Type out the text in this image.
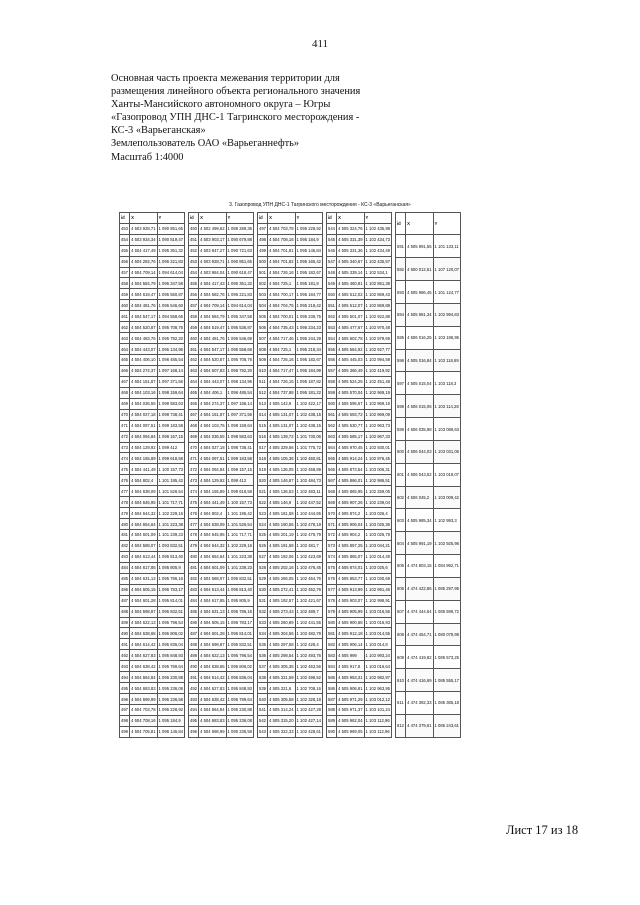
411
Основная часть проекта межевания территории для
размещения линейного объекта регионального значения
Ханты-Мансийского автономного округа – Югры
«Газопровод УПН ДНС-1 Тагринского месторождения -
КС-3 «Варьеганская»
Землепользователь ОАО «Варьеганнефть»
Масштаб 1:4000
3. Газопровод УПН ДНС-1 Тагринского месторождения - КС-3 «Варьеганская»
id	X	Y
453	4 503 928,71	1 090 851,65
454	4 503 934,34	1 090 819,47
455	4 504 417,49	1 095 351,32
456	4 504 282,76	1 095 221,83
457	4 504 709,14	1 094 614,04
458	4 504 584,79	1 095 347,58
459	4 504 619,47	1 095 550,87
460	4 504 481,76	1 095 546,60
461	4 504 547,17	1 094 558,66
462	4 504 520,87	1 095 708,76
463	4 504 483,76	1 095 792,20
464	4 504 443,07	1 095 134,96
465	4 504 406,10	1 096 485,54
466	4 504 274,37	1 097 168,14
467	4 504 151,87	1 097 371,56
468	4 504 103,16	1 098 159,64
469	4 504 036,55	1 098 583,63
470	4 504 027,18	1 098 738,41
471	4 504 097,51	1 099 183,58
472	4 504 094,84	1 099 157,15
473	4 504 129,92	1 099 412
474	4 504 155,89	1 099 618,58
475	4 504 441,49	1 100 157,73
476	4 504 802,4	1 101 195,42
477	4 504 638,09	1 101 526,54
478	4 504 645,95	1 101 717,71
479	4 504 644,32	1 102 229,16
480	4 504 654,64	1 101 223,38
481	4 504 601,09	1 101 239,23
482	4 504 588,07	1 093 832,51
483	4 504 613,44	1 095 813,40
484	4 504 617,85	1 095 805,9
485	4 504 631,13	1 095 786,16
486	4 504 605,15	1 095 783,17
487	4 504 601,28	1 095 814,01
488	4 504 598,87	1 095 832,51
489	4 504 622,13	1 095 796,54
490	4 504 638,65	1 095 806,02
491	4 504 614,42	1 095 836,04
492	4 504 627,83	1 095 848,93
493	4 504 638,42	1 095 789,64
494	4 504 664,84	1 095 230,88
495	4 504 683,83	1 095 236,08
496	4 504 699,99	1 095 236,58
497	4 504 703,78	1 095 228,92
498	4 504 708,16	1 095 184,9
499	4 504 705,81	1 095 145,84
id	X	Y
450	4 502 499,62	1 088 289,35
451	4 503 903,17	1 090 679,88
452	4 503 847,27	1 090 721,63
453	4 503 928,71	1 090 851,65
454	4 503 984,04	1 090 618,47
455	4 504 417,43	1 095 351,32
456	4 504 582,76	1 095 221,83
457	4 504 709,14	1 094 614,04
458	4 504 584,79	1 095 347,58
459	4 504 519,47	1 095 536,87
460	4 504 481,76	1 095 546,69
461	4 504 547,17	1 095 558,66
462	4 504 520,87	1 095 708,76
463	4 504 507,83	1 095 792,20
464	4 504 443,07	1 096 134,96
465	4 504 406,1	1 096 485,54
466	4 504 274,37	1 097 168,14
467	4 504 151,87	1 097 371,56
468	4 504 103,76	1 098 159,64
469	4 504 036,55	1 098 583,63
470	4 504 027,18	1 098 738,41
471	4 504 097,51	1 099 183,58
472	4 504 094,84	1 099 157,15
473	4 504 129,92	1 099 412
474	4 504 155,89	1 099 618,58
475	4 504 441,49	1 100 157,73
476	4 504 802,4	1 101 195,42
477	4 504 638,09	1 101 526,54
478	4 504 645,95	1 101 717,71
479	4 504 644,32	1 102 229,16
480	4 504 654,64	1 101 223,38
481	4 504 601,09	1 101 239,23
482	4 504 588,07	1 095 832,51
483	4 504 613,44	1 095 813,40
484	4 504 617,85	1 095 805,9
485	4 504 631,13	1 095 786,16
486	4 504 605,15	1 095 783,17
487	4 504 601,28	1 095 814,01
488	4 504 598,87	1 095 832,51
489	4 504 622,13	1 095 796,54
490	4 504 638,65	1 095 806,02
491	4 504 614,42	1 095 836,04
492	4 504 627,83	1 095 848,93
493	4 504 638,42	1 095 789,64
494	4 504 664,84	1 095 230,88
495	4 504 683,83	1 095 236,08
496	4 504 698,99	1 095 236,58
id	X	Y
497	4 504 703,78	1 095 228,92
498	4 504 708,16	1 095 184,9
499	4 504 701,81	1 095 145,84
500	4 504 701,82	1 095 165,42
501	4 504 726,16	1 095 182,67
502	4 504 725,1	1 095 181,8
503	4 504 700,17	1 095 184,77
504	4 504 704,75	1 095 218,42
505	4 504 700,01	1 095 236,75
506	4 504 735,43	1 095 234,23
507	4 504 717,46	1 095 244,29
508	4 504 725,1	1 095 218,34
509	4 504 726,16	1 095 182,67
510	4 504 717,47	1 095 184,99
511	4 504 726,16	1 095 187,82
512	4 504 737,88	1 095 181,22
513	4 505 142,9	1 102 422,17
514	4 505 131,07	1 102 438,15
515	4 505 131,07	1 102 438,15
516	4 505 139,72	1 101 730,06
517	4 505 329,56	1 101 775,72
518	4 505 105,36	1 102 460,81
519	4 505 136,05	1 102 458,89
520	4 505 146,87	1 102 484,73
521	4 505 136,53	1 102 483,11
522	4 505 146,9	1 102 447,52
523	4 505 181,58	1 102 444,65
524	4 505 190,55	1 102 478,19
525	4 505 201,19	1 102 476,79
526	4 505 191,58	1 102 481,7
527	4 505 192,06	1 102 423,69
528	4 505 202,16	1 102 476,45
529	4 505 266,05	1 102 464,76
530	4 505 272,41	1 102 452,76
531	4 505 192,57	1 102 421,67
532	4 505 273,43	1 102 489,7
533	4 505 260,89	1 102 441,55
534	4 505 304,56	1 102 482,79
535	4 505 297,58	1 102 428,4
536	4 505 298,54	1 102 493,76
537	4 505 305,38	1 102 463,56
538	4 505 321,59	1 102 498,52
539	4 505 321,6	1 102 708,16
540	4 505 305,58	1 102 328,18
541	4 505 314,24	1 102 427,28
542	4 505 315,20	1 102 427,14
543	4 505 322,33	1 102 428,61
id	X	Y
544	4 505 324,76	1 102 435,98
545	4 505 331,39	1 102 434,73
546	4 505 331,36	1 102 434,49
547	4 505 340,67	1 102 435,57
548	4 505 339,14	1 102 534,1
549	4 505 460,81	1 102 851,38
550	4 505 512,02	1 102 869,43
551	4 505 512,07	1 102 869,88
552	4 505 501,07	1 102 922,88
553	4 505 477,67	1 102 970,48
554	4 505 602,78	1 102 979,69
555	4 505 564,92	1 102 927,77
556	4 505 445,03	1 102 994,59
557	4 505 366,49	1 102 419,92
558	4 505 524,25	1 102 451,48
559	4 505 570,04	1 102 969,19
560	4 505 595,67	1 102 969,19
561	4 505 593,72	1 102 969,09
562	4 505 530,77	1 102 963,73
563	4 505 585,17	1 102 967,33
564	4 505 970,45	1 102 930,01
565	4 505 914,24	1 102 976,45
566	4 505 873,54	1 103 006,31
567	4 505 866,01	1 102 986,51
568	4 505 865,95	1 102 259,05
569	4 505 907,26	1 102 239,04
570	4 505 874,2	1 103 026,4
571	4 505 906,04	1 103 025,36
572	4 505 904,2	1 103 026,78
573	4 505 857,25	1 103 044,21
574	4 505 865,07	1 102 014,49
575	4 505 874,01	1 103 025,6
576	4 505 853,77	1 103 030,69
577	4 505 913,99	1 102 991,46
578	4 505 903,07	1 102 998,91
579	4 505 905,99	1 103 016,56
580	4 505 900,68	1 103 016,93
581	4 505 912,18	1 103 014,55
582	4 505 906,14	1 103 014,8
583	4 505 999	1 102 993,24
584	4 505 917,8	1 103 016,64
585	4 505 953,31	1 102 982,97
586	4 505 906,81	1 102 963,95
587	4 505 971,29	1 103 012,12
588	4 505 971,37	1 103 101,24
589	4 505 962,04	1 103 112,96
590	4 505 969,05	1 103 112,96
id	X	Y
591	4 505 991,55	1 101 133,11
592	4 500 012,61	1 107 120,07
593	4 505 986,45	1 101 124,77
594	4 505 981,34	1 102 994,83
595	4 506 016,25	1 103 186,95
596	4 505 016,84	1 103 118,69
597	4 505 015,04	1 103 118,3
598	4 506 015,06	1 103 114,28
599	4 506 035,98	1 103 086,63
600	4 506 044,03	1 103 031,06
601	4 506 043,52	1 103 019,07
602	4 506 045,2	1 103 009,42
603	4 505 985,34	1 102 993,3
604	4 505 991,19	1 102 925,96
605	4 474 803,15	1 084 992,71
606	4 474 422,86	1 085 297,95
607	4 474 444,64	1 085 599,72
608	4 474 454,71	1 080 079,98
609	4 474 419,82	1 085 573,25
610	4 474 416,69	1 085 555,17
611	4 474 392,33	1 085 365,18
612	4 474 379,61	1 085 243,61
Лист 17 из 18
